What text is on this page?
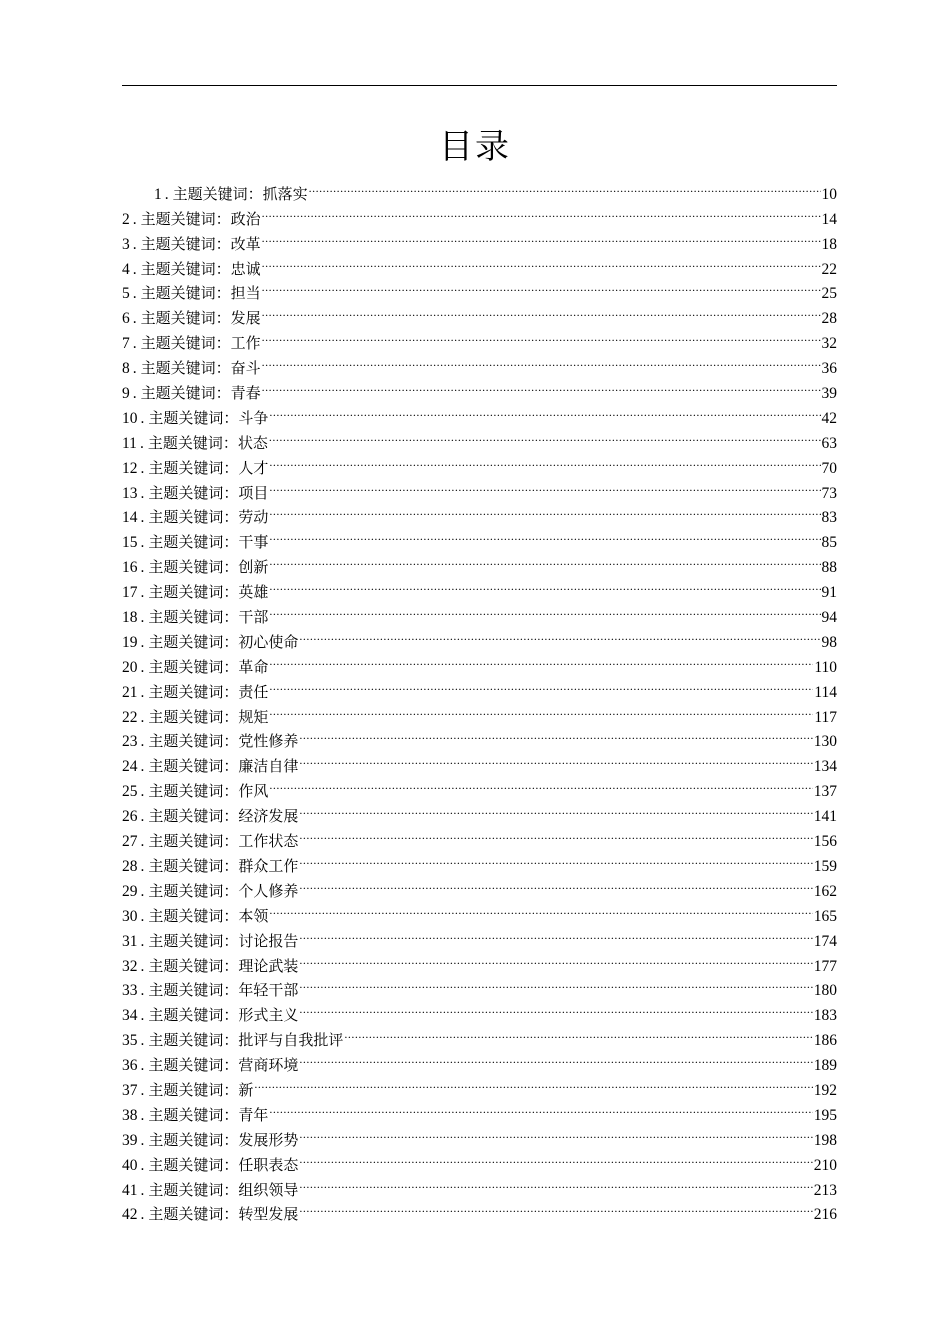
目录
1 . 主题关键词：抓落实 .....	10
2 . 主题关键词：政治 .....	14
3 . 主题关键词：改革 .....	18
4 . 主题关键词：忠诚 .....	22
5 . 主题关键词：担当 .....	25
6 . 主题关键词：发展 .....	28
7 . 主题关键词：工作 .....	32
8 . 主题关键词：奋斗 .....	36
9 . 主题关键词：青春 .....	39
10 . 主题关键词：斗争 .....	42
11 . 主题关键词：状态 .....	63
12 . 主题关键词：人才 .....	70
13 . 主题关键词：项目 .....	73
14 . 主题关键词：劳动 .....	83
15 . 主题关键词：干事 .....	85
16 . 主题关键词：创新 .....	88
17 . 主题关键词：英雄 .....	91
18 . 主题关键词：干部 .....	94
19 . 主题关键词：初心使命 .....	98
20 . 主题关键词：革命 .....	110
21 . 主题关键词：责任 .....	114
22 . 主题关键词：规矩 .....	117
23 . 主题关键词：党性修养 .....	130
24 . 主题关键词：廉洁自律 .....	134
25 . 主题关键词：作风 .....	137
26 . 主题关键词：经济发展 .....	141
27 . 主题关键词：工作状态 .....	156
28 . 主题关键词：群众工作 .....	159
29 . 主题关键词：个人修养 .....	162
30 . 主题关键词：本领 .....	165
31 . 主题关键词：讨论报告 .....	174
32 . 主题关键词：理论武装 .....	177
33 . 主题关键词：年轻干部 .....	180
34 . 主题关键词：形式主义 .....	183
35 . 主题关键词：批评与自我批评 .....	186
36 . 主题关键词：营商环境 .....	189
37 . 主题关键词：新 .....	192
38 . 主题关键词：青年 .....	195
39 . 主题关键词：发展形势 .....	198
40 . 主题关键词：任职表态 .....	210
41 . 主题关键词：组织领导 .....	213
42 . 主题关键词：转型发展 .....	216
